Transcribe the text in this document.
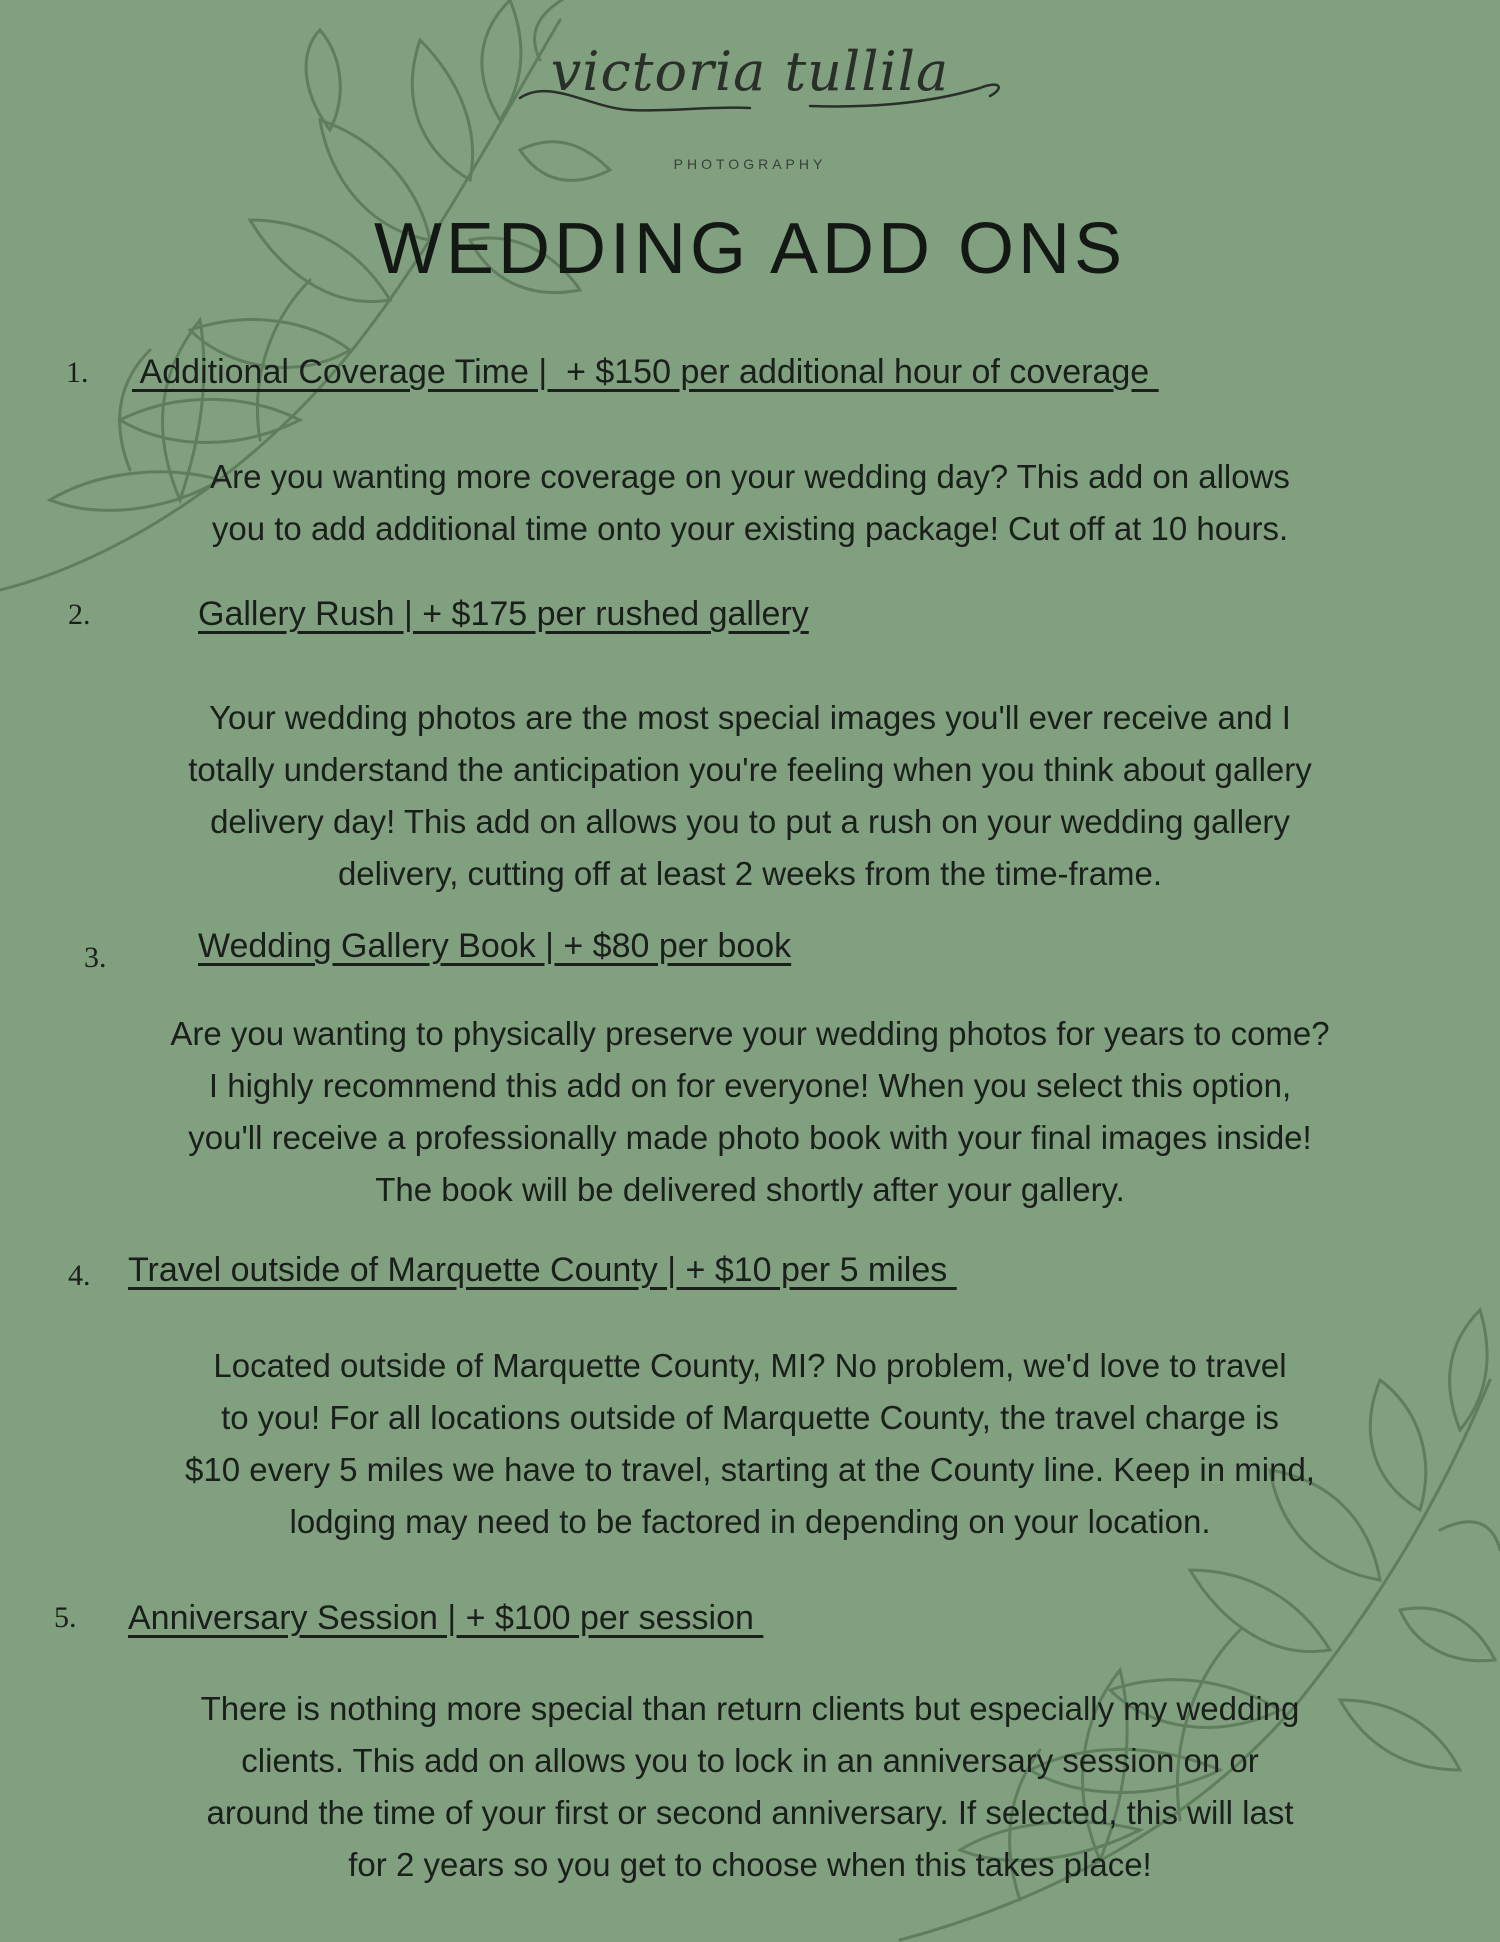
victoria tullila
PHOTOGRAPHY
WEDDING ADD ONS
1. Additional Coverage Time |  + $150 per additional hour of coverage
Are you wanting more coverage on your wedding day? This add on allows
you to add additional time onto your existing package! Cut off at 10 hours.
2.	Gallery Rush | + $175 per rushed gallery
Your wedding photos are the most special images you'll ever receive and I
totally understand the anticipation you're feeling when you think about gallery
delivery day! This add on allows you to put a rush on your wedding gallery
delivery, cutting off at least 2 weeks from the time-frame.
3.	Wedding Gallery Book | + $80 per book
Are you wanting to physically preserve your wedding photos for years to come?
I highly recommend this add on for everyone! When you select this option,
you'll receive a professionally made photo book with your final images inside!
The book will be delivered shortly after your gallery.
4. Travel outside of Marquette County | + $10 per 5 miles
Located outside of Marquette County, MI? No problem, we'd love to travel
to you! For all locations outside of Marquette County, the travel charge is
$10 every 5 miles we have to travel, starting at the County line. Keep in mind,
lodging may need to be factored in depending on your location.
5. Anniversary Session | + $100 per session
There is nothing more special than return clients but especially my wedding
clients. This add on allows you to lock in an anniversary session on or
around the time of your first or second anniversary. If selected, this will last
for 2 years so you get to choose when this takes place!
